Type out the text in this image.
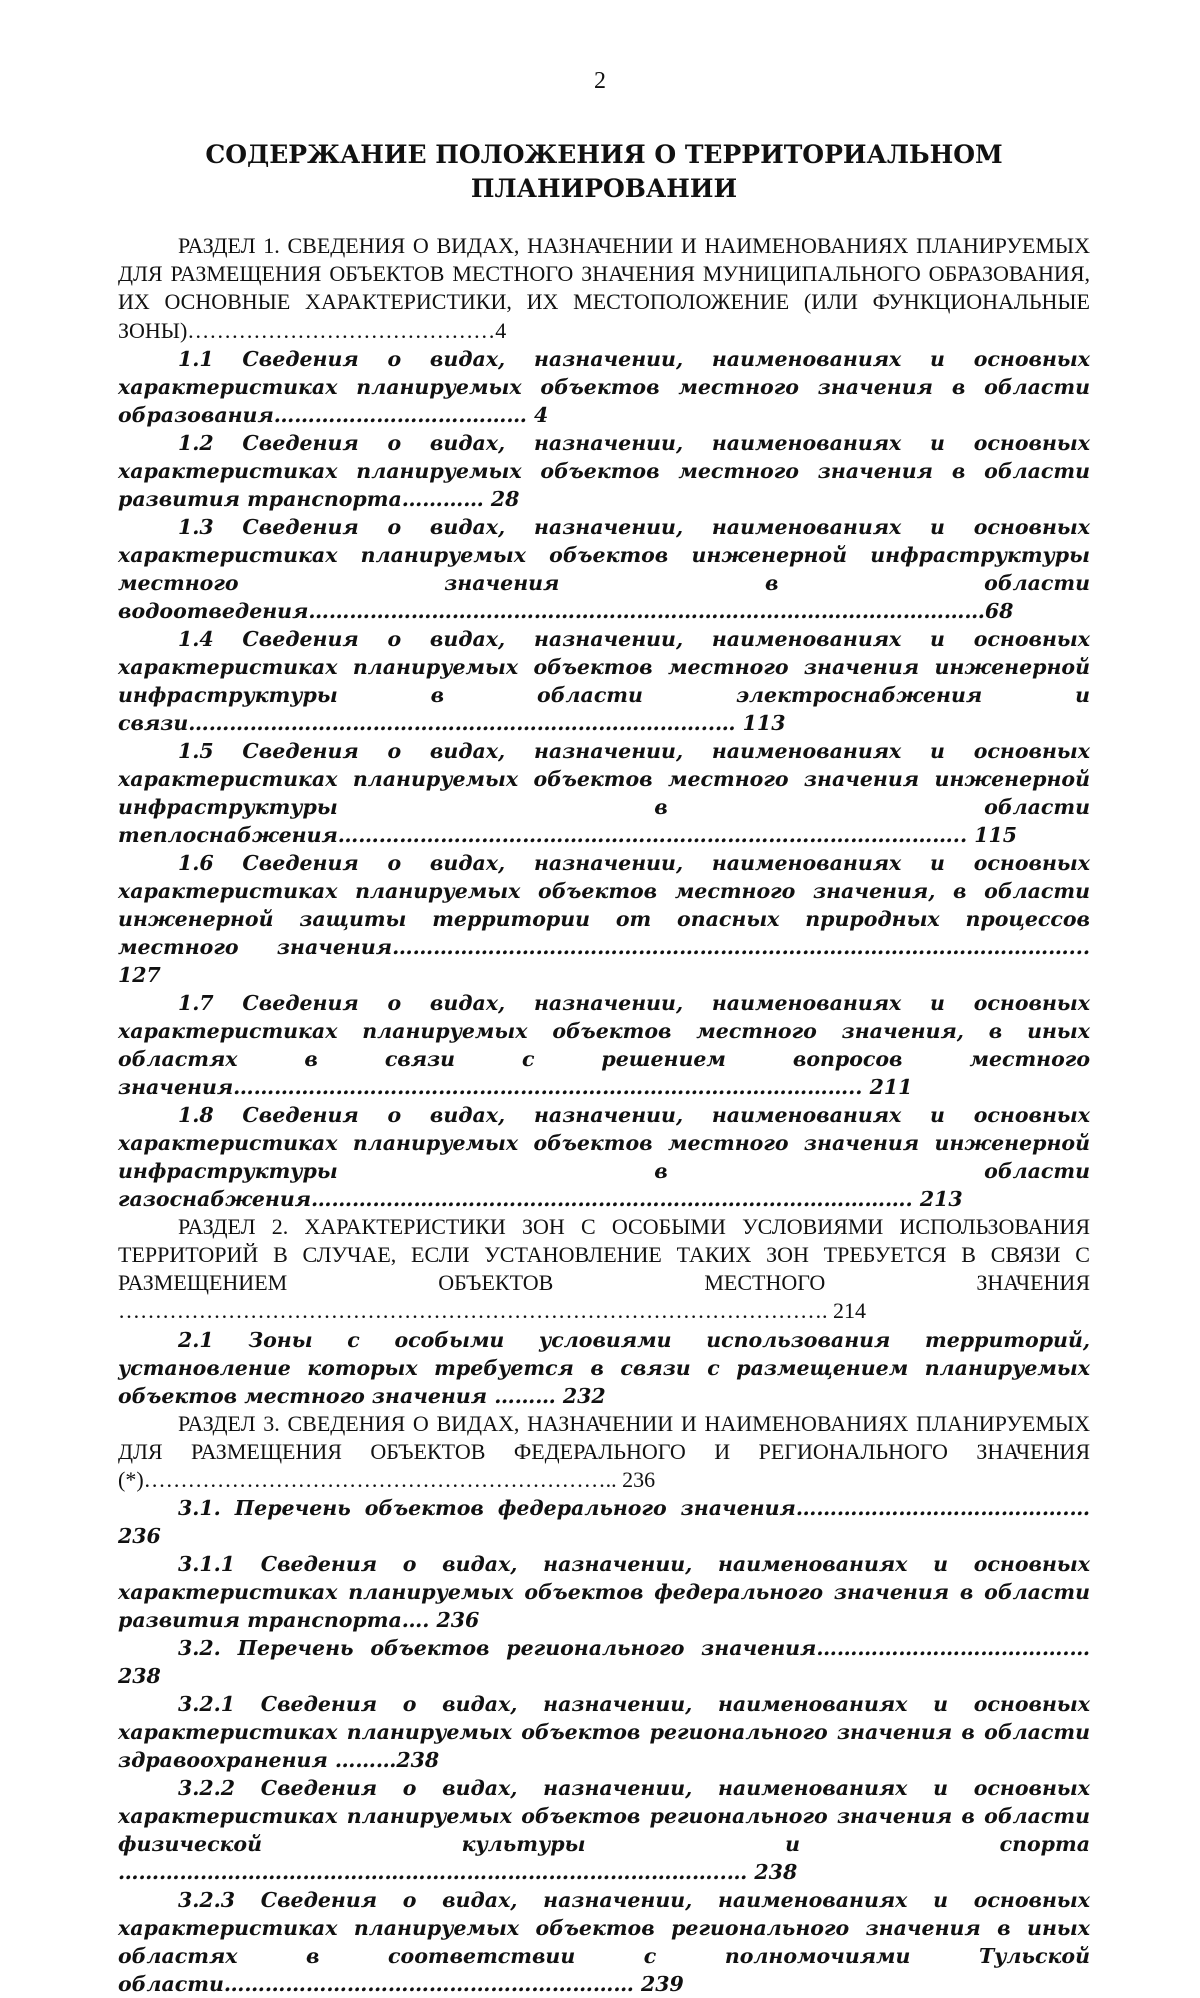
2
СОДЕРЖАНИЕ ПОЛОЖЕНИЯ О ТЕРРИТОРИАЛЬНОМ ПЛАНИРОВАНИИ

РАЗДЕЛ 1. СВЕДЕНИЯ О ВИДАХ, НАЗНАЧЕНИИ И НАИМЕНОВАНИЯХ ПЛАНИРУЕМЫХ ДЛЯ РАЗМЕЩЕНИЯ ОБЪЕКТОВ МЕСТНОГО ЗНАЧЕНИЯ МУНИЦИПАЛЬНОГО ОБРАЗОВАНИЯ, ИХ ОСНОВНЫЕ ХАРАКТЕРИСТИКИ, ИХ МЕСТОПОЛОЖЕНИЕ (ИЛИ ФУНКЦИОНАЛЬНЫЕ ЗОНЫ)……………………………………4

1.1 Сведения о видах, назначении, наименованиях и основных характеристиках планируемых объектов местного значения в области образования……………………….……… 4

1.2 Сведения о видах, назначении, наименованиях и основных характеристиках планируемых объектов местного значения в области развития транспорта………… 28

1.3 Сведения о видах, назначении, наименованиях и основных характеристиках планируемых объектов инженерной инфраструктуры местного значения в области водоотведения………………………………………………………………………………………68

1.4 Сведения о видах, назначении, наименованиях и основных характеристиках планируемых объектов местного значения инженерной инфраструктуры в области электроснабжения и связи…………………………………………………………………..… 113

1.5 Сведения о видах, назначении, наименованиях и основных характеристиках планируемых объектов местного значения инженерной инфраструктуры в области теплоснабжения……………………………………………………………………………….. 115

1.6 Сведения о видах, назначении, наименованиях и основных характеристиках планируемых объектов местного значения, в области инженерной защиты территории от опасных природных процессов местного значения………………………………………………………………………………………... 127

1.7 Сведения о видах, назначении, наименованиях и основных характеристиках планируемых объектов местного значения, в иных областях в связи с решением вопросов местного значения……………………………………………………………………………….. 211

1.8 Сведения о видах, назначении, наименованиях и основных характеристиках планируемых объектов местного значения инженерной инфраструктуры в области газоснабжения……………………………………………………………………………. 213

РАЗДЕЛ 2. ХАРАКТЕРИСТИКИ ЗОН С ОСОБЫМИ УСЛОВИЯМИ ИСПОЛЬЗОВАНИЯ ТЕРРИТОРИЙ В СЛУЧАЕ, ЕСЛИ УСТАНОВЛЕНИЕ ТАКИХ ЗОН ТРЕБУЕТСЯ В СВЯЗИ С РАЗМЕЩЕНИЕМ ОБЪЕКТОВ МЕСТНОГО ЗНАЧЕНИЯ ……………………………………………………………………………………. 214

2.1 Зоны с особыми условиями использования территорий, установление которых требуется в связи с размещением планируемых объектов местного значения ……… 232

РАЗДЕЛ 3. СВЕДЕНИЯ О ВИДАХ, НАЗНАЧЕНИИ И НАИМЕНОВАНИЯХ ПЛАНИРУЕМЫХ ДЛЯ РАЗМЕЩЕНИЯ ОБЪЕКТОВ ФЕДЕРАЛЬНОГО И РЕГИОНАЛЬНОГО ЗНАЧЕНИЯ (*)……………………………………………………….. 236

3.1. Перечень объектов федерального значения………………………………….… 236

3.1.1 Сведения о видах, назначении, наименованиях и основных характеристиках планируемых объектов федерального значения в области развития транспорта…. 236

3.2. Перечень объектов регионального значения……………………………….… 238

3.2.1 Сведения о видах, назначении, наименованиях и основных характеристиках планируемых объектов регионального значения в области здравоохранения ………238

3.2.2 Сведения о видах, назначении, наименованиях и основных характеристиках планируемых объектов регионального значения в области физической культуры и спорта ……………………………………………………………………………..… 238

3.2.3 Сведения о видах, назначении, наименованиях и основных характеристиках планируемых объектов регионального значения в иных областях в соответствии с полномочиями Тульской области…………………………………………………… 239
